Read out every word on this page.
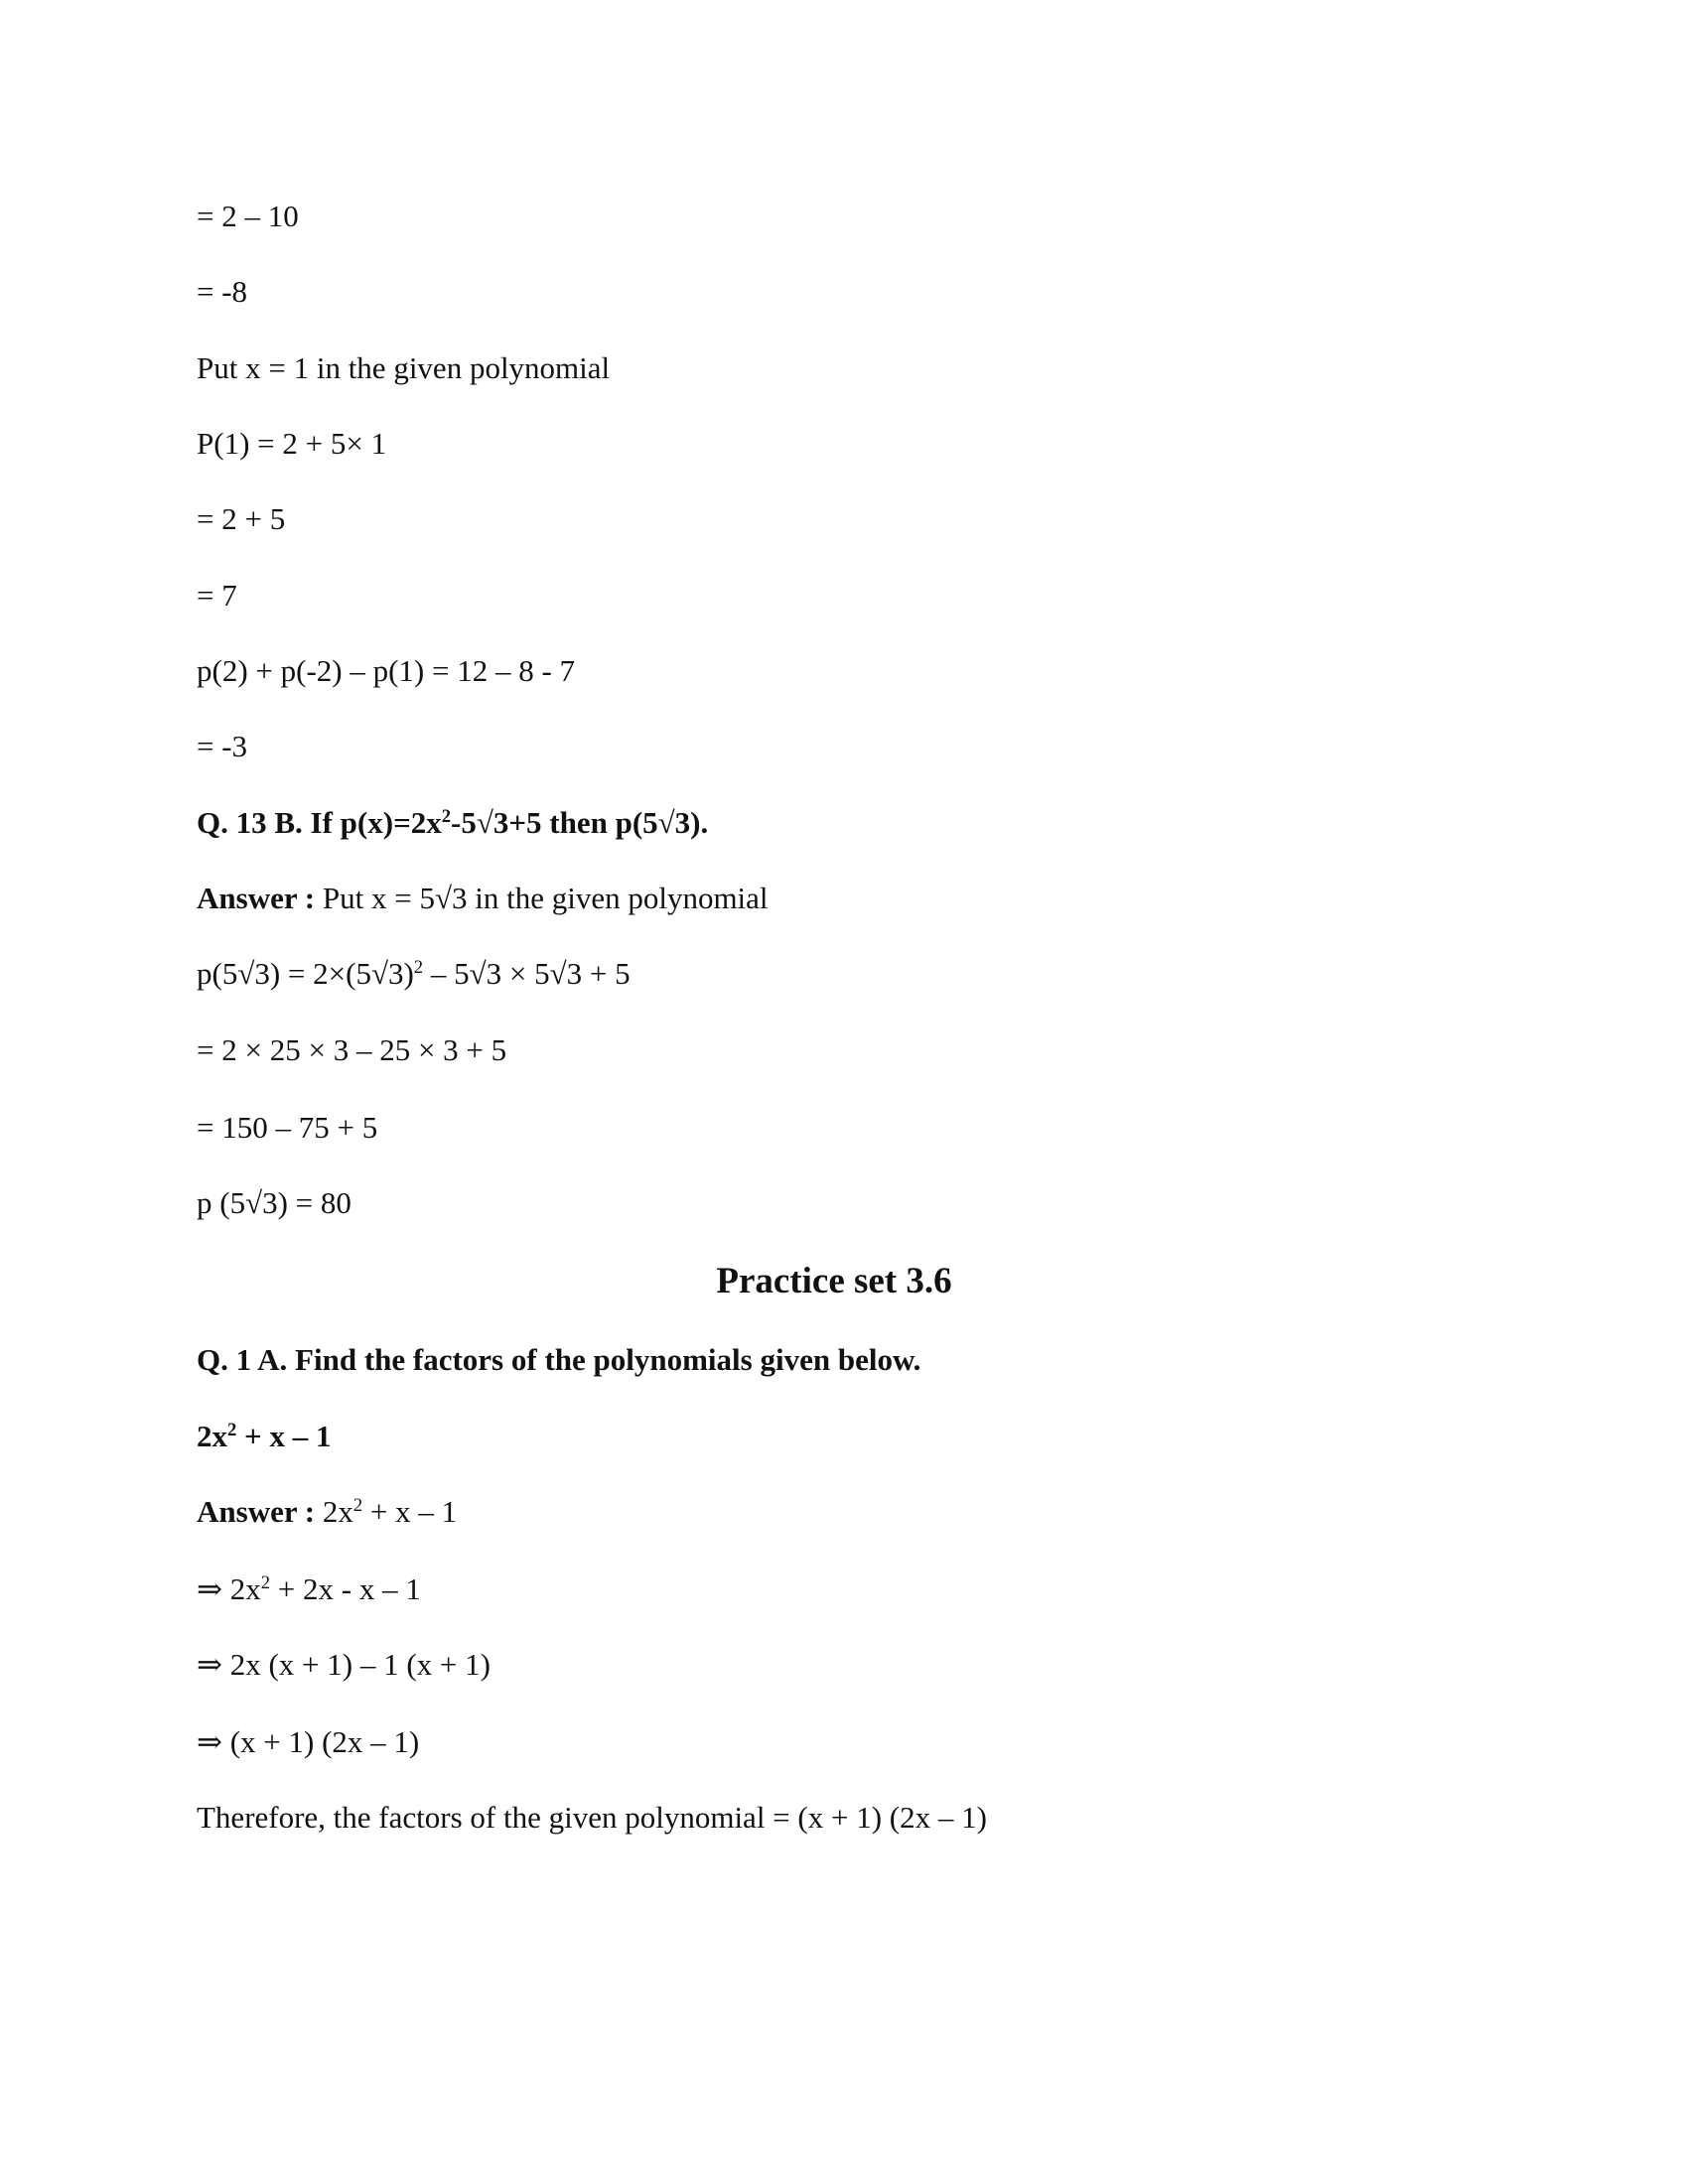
= 2 – 10
= -8
Put x = 1 in the given polynomial
P(1) = 2 + 5× 1
= 2 + 5
= 7
p(2) + p(-2) – p(1) = 12 – 8 - 7
= -3
Q. 13 B. If $p(x)=2x^2-5√3+5$ then p(5√3).
Answer : Put x = 5√3 in the given polynomial
$p(5√3) = 2\times(5√3)^2 - 5√3 \times 5√3 + 5$
= 2 × 25 × 3 – 25 × 3 + 5
= 150 – 75 + 5
p (5√3) = 80
Practice set 3.6
Q. 1 A. Find the factors of the polynomials given below.
$2x^2 + x - 1$
Answer : $2x^2 + x - 1$
⇒ $2x^2 + 2x - x - 1$
⇒ 2x (x + 1) – 1 (x + 1)
⇒ (x + 1) (2x – 1)
Therefore, the factors of the given polynomial = (x + 1) (2x – 1)
